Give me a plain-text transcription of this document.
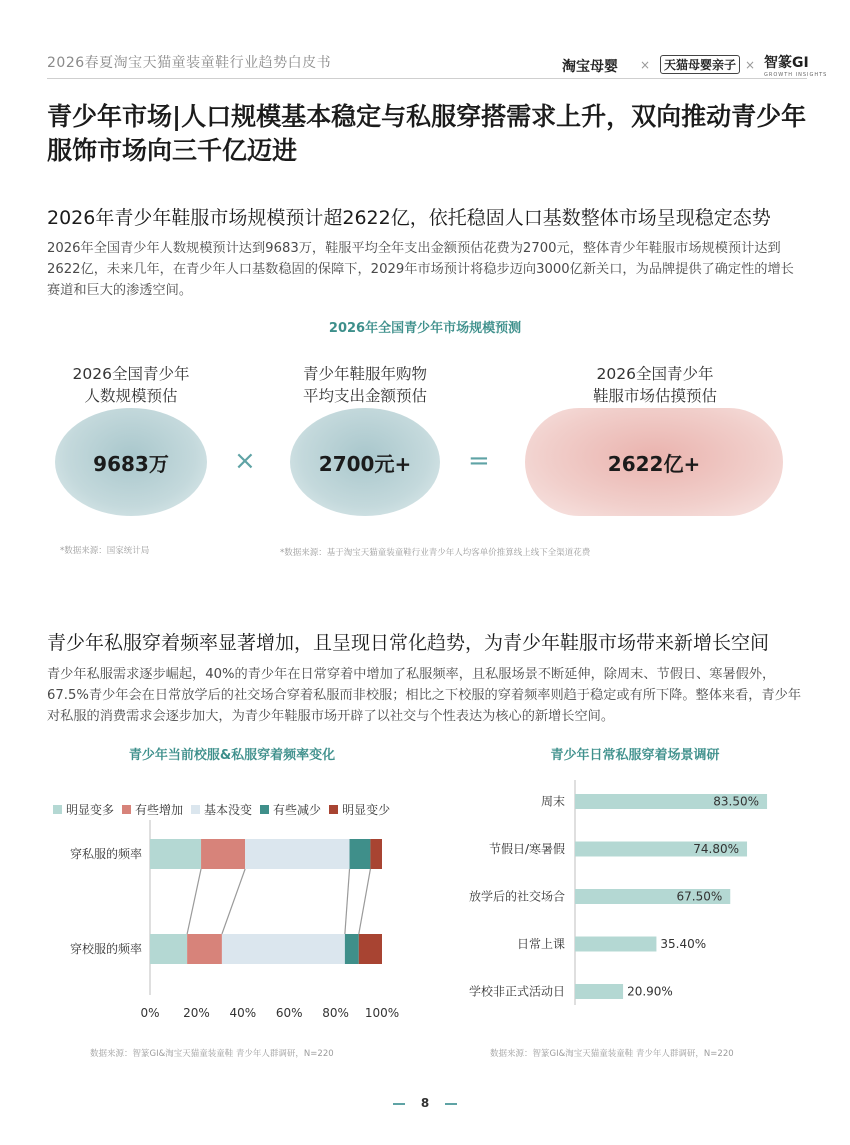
2026春夏淘宝天猫童装童鞋行业趋势白皮书	淘宝母婴 ×	天猫母婴亲子 × 智篆GI
GROWTH INSIGHTS
青少年市场|人口规模基本稳定与私服穿搭需求上升，双向推动青少年服饰市场向三千亿迈进
2026年青少年鞋服市场规模预计超2622亿，依托稳固人口基数整体市场呈现稳定态势
2026年全国青少年人数规模预计达到9683万，鞋服平均全年支出金额预估花费为2700元，整体青少年鞋服市场规模预计达到2622亿，未来几年，在青少年人口基数稳固的保障下，2029年市场预计将稳步迈向3000亿新关口，为品牌提供了确定性的增长赛道和巨大的渗透空间。
2026年全国青少年市场规模预测
2026全国青少年
人数规模预估
青少年鞋服年购物
平均支出金额预估
2026全国青少年
鞋服市场估摸预估
9683万	×	2700元+ =	2622亿+
*数据来源：国家统计局	*数据来源：基于淘宝天猫童装童鞋行业青少年人均客单价推算线上线下全渠道花费
青少年私服穿着频率显著增加，且呈现日常化趋势，为青少年鞋服市场带来新增长空间
青少年私服需求逐步崛起，40%的青少年在日常穿着中增加了私服频率，且私服场景不断延伸，除周末、节假日、寒暑假外，67.5%青少年会在日常放学后的社交场合穿着私服而非校服；相比之下校服的穿着频率则趋于稳定或有所下降。整体来看，青少年对私服的消费需求会逐步加大，为青少年鞋服市场开辟了以社交与个性表达为核心的新增长空间。
青少年当前校服&私服穿着频率变化
明显变多 有些增加 基本没变 有些减少 明显变少
穿私服的频率
穿校服的频率
0% 20% 40% 60% 80% 100%
数据来源：智篆GI&淘宝天猫童装童鞋 青少年人群调研，N=220
青少年日常私服穿着场景调研
周末	83.50%
节假日/寒暑假	74.80%
放学后的社交场合	67.50%
日常上课	35.40%
学校非正式活动日	20.90%
数据来源：智篆GI&淘宝天猫童装童鞋 青少年人群调研，N=220
8
